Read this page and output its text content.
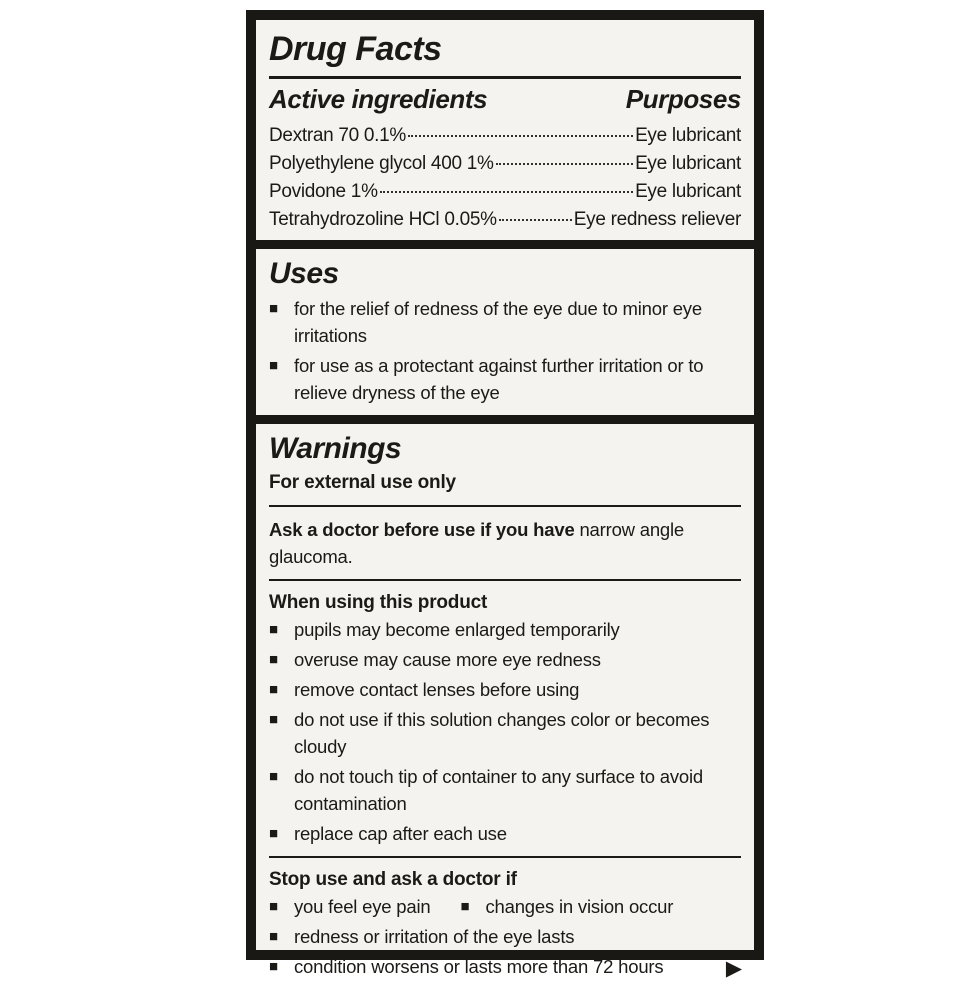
Drug Facts
Active ingredients	Purposes
Dextran 70 0.1%	Eye lubricant
Polyethylene glycol 400 1%	Eye lubricant
Povidone 1%	Eye lubricant
Tetrahydrozoline HCl 0.05%	Eye redness reliever
Uses
■ for the relief of redness of the eye due to minor eye irritations
■ for use as a protectant against further irritation or to relieve dryness of the eye
Warnings

For external use only

Ask a doctor before use if you have narrow angle glaucoma.

When using this product

■ pupils may become enlarged temporarily
■ overuse may cause more eye redness
■ remove contact lenses before using
■ do not use if this solution changes color or becomes cloudy
■ do not touch tip of container to any surface to avoid contamination
■ replace cap after each use

Stop use and ask a doctor if

■ you feel eye pain ■ changes in vision occur
■ redness or irritation of the eye lasts
■ condition worsens or lasts more than 72 hours	▶
